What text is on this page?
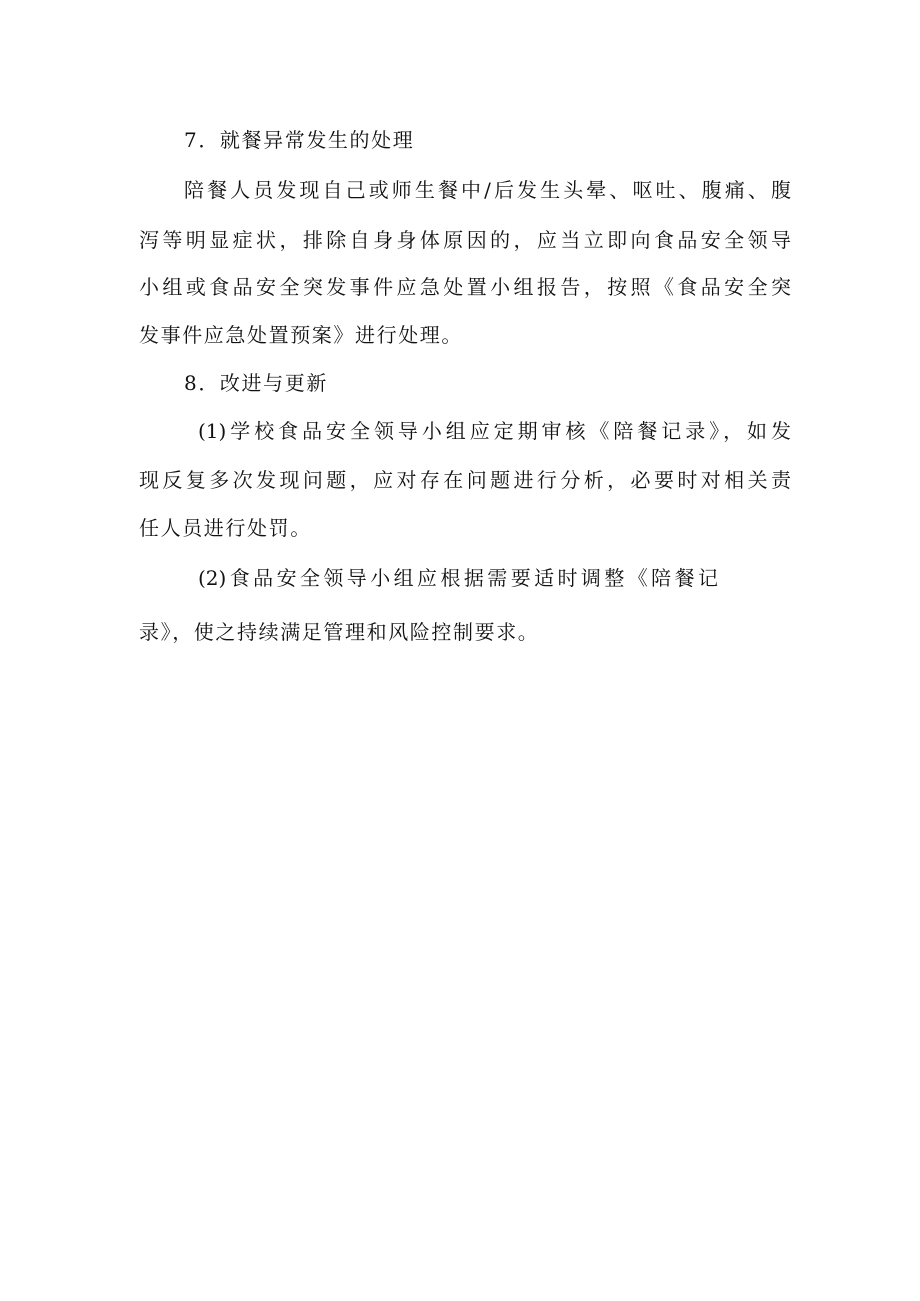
7．就餐异常发生的处理
陪餐人员发现自己或师生餐中/后发生头晕、呕吐、腹痛、腹
泻等明显症状，排除自身身体原因的，应当立即向食品安全领导
小组或食品安全突发事件应急处置小组报告，按照《食品安全突
发事件应急处置预案》进行处理。
8．改进与更新
(1)学校食品安全领导小组应定期审核《陪餐记录》，如发
现反复多次发现问题，应对存在问题进行分析，必要时对相关责
任人员进行处罚。
(2)食品安全领导小组应根据需要适时调整《陪餐记
录》，使之持续满足管理和风险控制要求。
